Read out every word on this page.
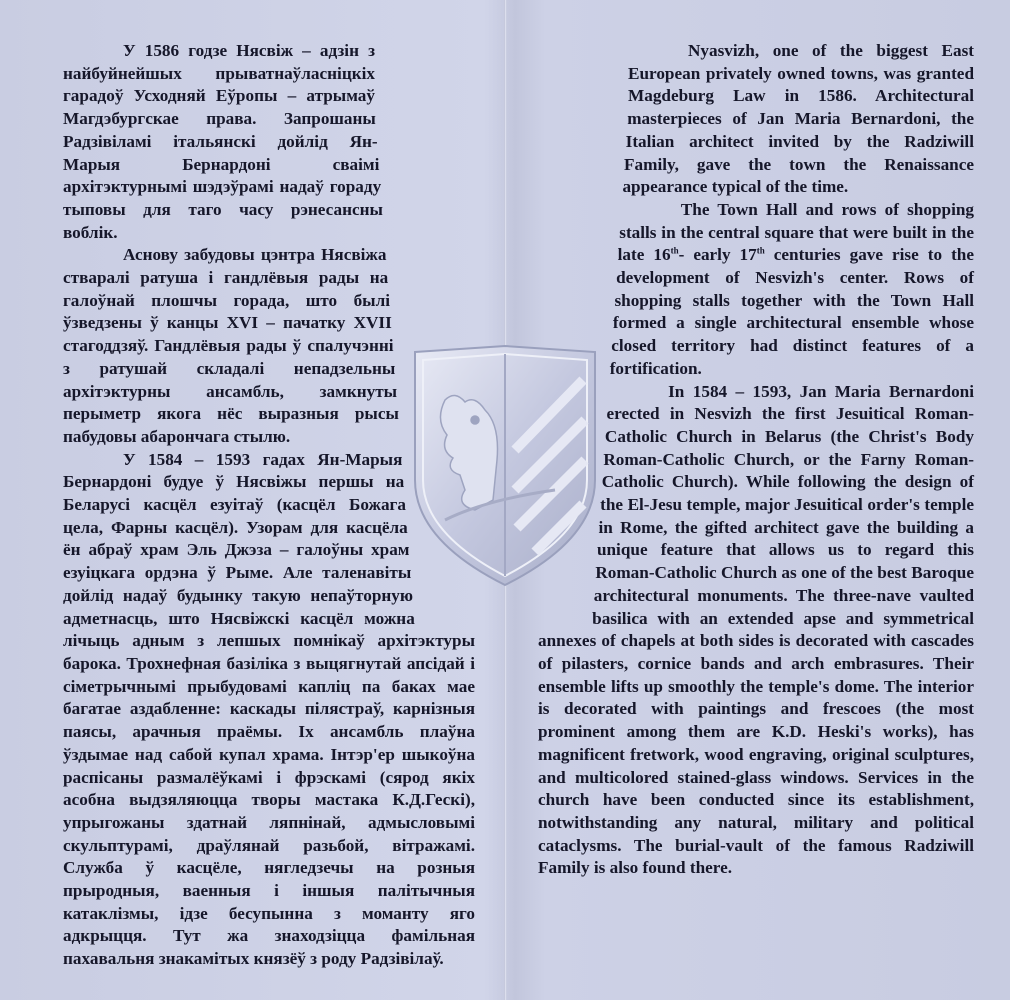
У 1586 годзе Нясвіж – адзін з найбуйнейшых прыватнаўласніцкіх гарадоў Усходняй Еўропы – атрымаў Магдэбургскае права. Запрошаны Радзівіламі італьянскі дойлід Ян-Марыя Бернардоні сваімі архітэктурнымі шэдэўрамі надаў гораду тыповы для таго часу рэнесансны воблік.

Аснову забудовы цэнтра Нясвіжа стваралі ратуша і гандлёвыя рады на галоўнай плошчы горада, што былі ўзведзены ў канцы XVI – пачатку XVII стагоддзяў. Гандлёвыя рады ў спалучэнні з ратушай складалі непадзельны архітэктурны ансамбль, замкнуты перыметр якога нёс выразныя рысы пабудовы абарончага стылю.

У 1584 – 1593 гадах Ян-Марыя Бернардоні будуе ў Нясвіжы першы на Беларусі касцёл езуітаў (касцёл Божага цела, Фарны касцёл). Узорам для касцёла ён абраў храм Эль Джэза – галоўны храм езуіцкага ордэна ў Рыме. Але таленавіты дойлід надаў будынку такую непаўторную адметнасць, што Нясвіжскі касцёл можна лічыць адным з лепшых помнікаў архітэктуры барока. Трохнефная базіліка з выцягнутай апсідай і сіметрычнымі прыбудовамі капліц па баках мае багатае аздабленне: каскады пілястраў, карнізныя паясы, арачныя праёмы. Іх ансамбль плаўна ўздымае над сабой купал храма. Інтэр'ер шыкоўна распісаны размалёўкамі і фрэскамі (сярод якіх асобна выдзяляюцца творы мастака К.Д.Гескі), упрыгожаны здатнай ляпнінай, адмысловымі скульптурамі, драўлянай разьбой, вітражамі. Служба ў касцёле, нягледзечы на розныя прыродныя, ваенныя і іншыя палітычныя катаклізмы, ідзе бесупынна з моманту яго адкрыцця. Тут жа знаходзіцца фамільная пахавальня знакамітых князёў з роду Радзівілаў.

Nyasvizh, one of the biggest East European privately owned towns, was granted Magdeburg Law in 1586. Architectural masterpieces of Jan Maria Bernardoni, the Italian architect invited by the Radziwill Family, gave the town the Renaissance appearance typical of the time.

The Town Hall and rows of shopping stalls in the central square that were built in the late 16th- early 17th centuries gave rise to the development of Nesvizh's center. Rows of shopping stalls together with the Town Hall formed a single architectural ensemble whose closed territory had distinct features of a fortification.

In 1584 – 1593, Jan Maria Bernardoni erected in Nesvizh the first Jesuitical Roman-Catholic Church in Belarus (the Christ's Body Roman-Catholic Church, or the Farny Roman-Catholic Church). While following the design of the El-Jesu temple, major Jesuitical order's temple in Rome, the gifted architect gave the building a unique feature that allows us to regard this Roman-Catholic Church as one of the best Baroque architectural monuments. The three-nave vaulted basilica with an extended apse and symmetrical annexes of chapels at both sides is decorated with cascades of pilasters, cornice bands and arch embrasures. Their ensemble lifts up smoothly the temple's dome. The interior is decorated with paintings and frescoes (the most prominent among them are K.D. Heski's works), has magnificent fretwork, wood engraving, original sculptures, and multicolored stained-glass windows. Services in the church have been conducted since its establishment, notwithstanding any natural, military and political cataclysms. The burial-vault of the famous Radziwill Family is also found there.
